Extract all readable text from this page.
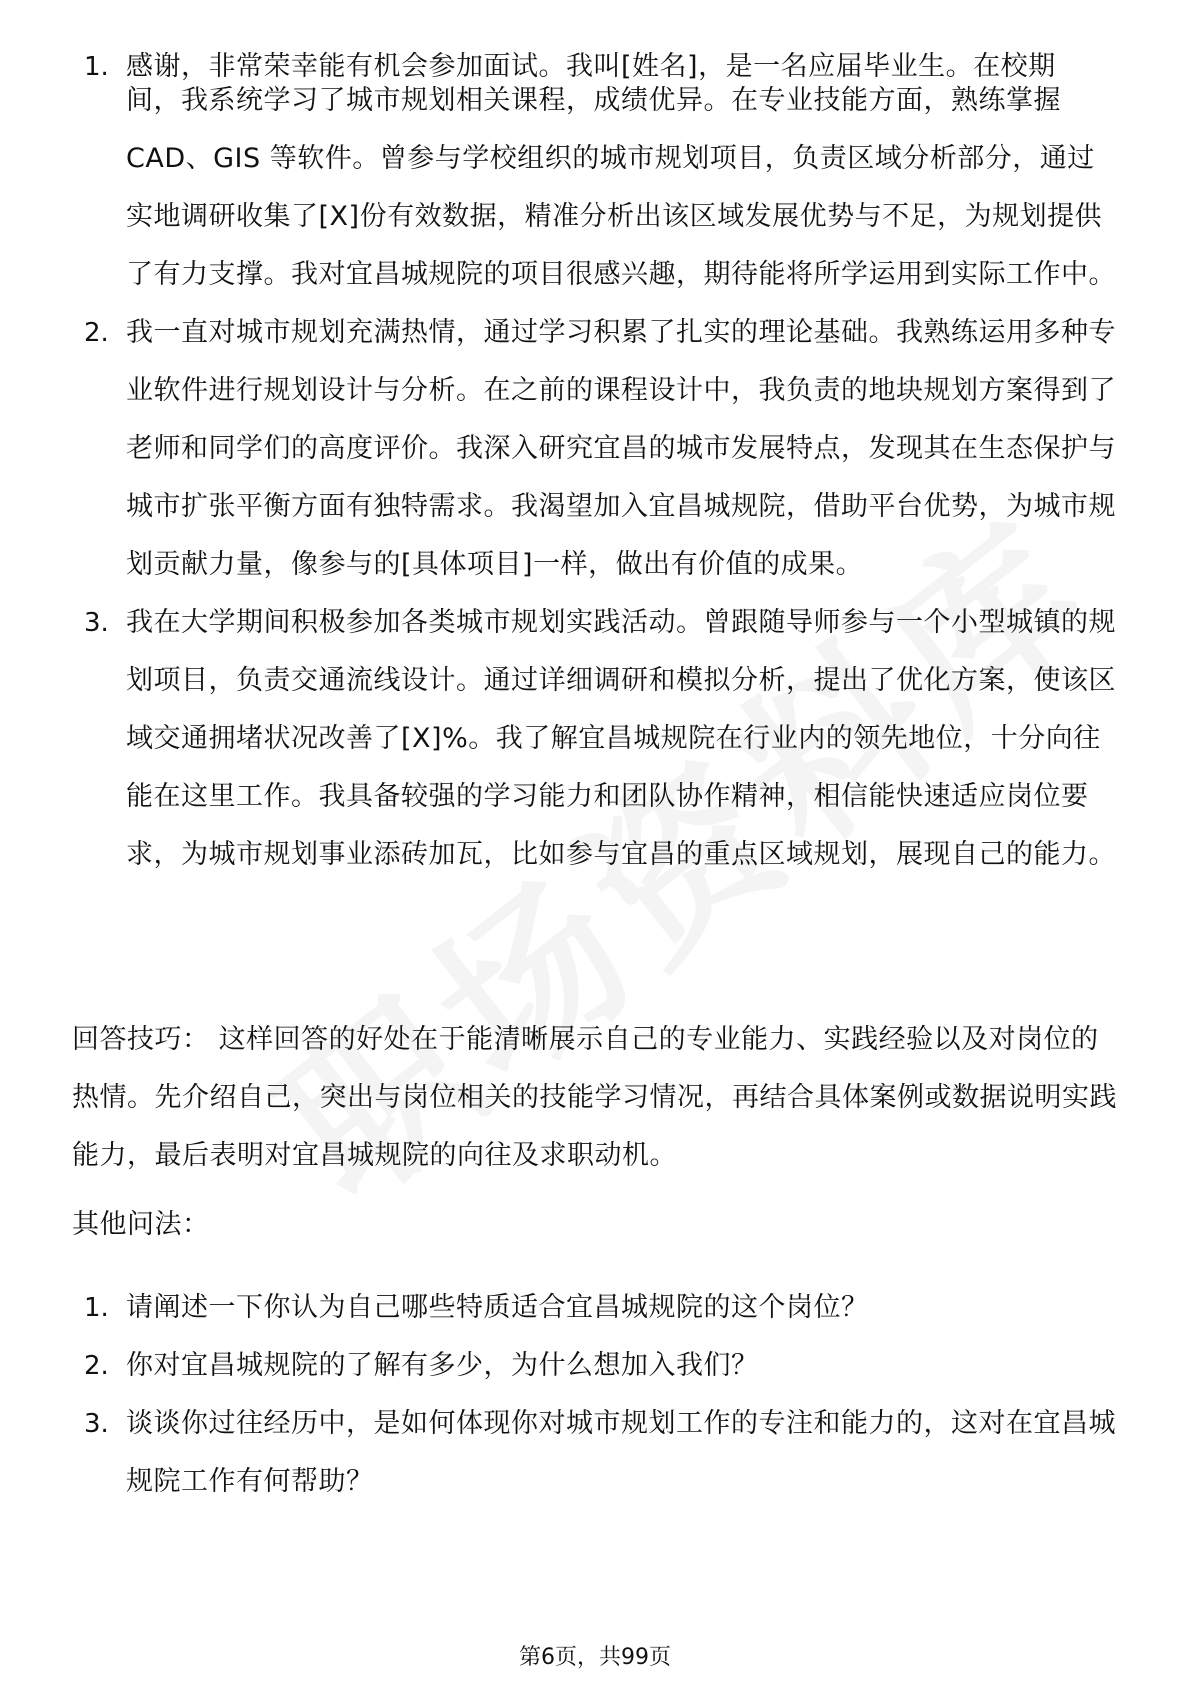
1. 感谢，非常荣幸能有机会参加面试。我叫[姓名]，是一名应届毕业生。在校期
间，我系统学习了城市规划相关课程，成绩优异。在专业技能方面，熟练掌握CAD、GIS 等软件。曾参与学校组织的城市规划项目，负责区域分析部分，通过实地调研收集了[X]份有效数据，精准分析出该区域发展优势与不足，为规划提供了有力支撑。我对宜昌城规院的项目很感兴趣，期待能将所学运用到实际工作中。
2. 我一直对城市规划充满热情，通过学习积累了扎实的理论基础。我熟练运用多种专业软件进行规划设计与分析。在之前的课程设计中，我负责的地块规划方案得到了老师和同学们的高度评价。我深入研究宜昌的城市发展特点，发现其在生态保护与城市扩张平衡方面有独特需求。我渴望加入宜昌城规院，借助平台优势，为城市规划贡献力量，像参与的[具体项目]一样，做出有价值的成果。
3. 我在大学期间积极参加各类城市规划实践活动。曾跟随导师参与一个小型城镇的规划项目，负责交通流线设计。通过详细调研和模拟分析，提出了优化方案，使该区域交通拥堵状况改善了[X]%。我了解宜昌城规院在行业内的领先地位，十分向往能在这里工作。我具备较强的学习能力和团队协作精神，相信能快速适应岗位要求，为城市规划事业添砖加瓦，比如参与宜昌的重点区域规划，展现自己的能力。

回答技巧： 这样回答的好处在于能清晰展示自己的专业能力、实践经验以及对岗位的热情。先介绍自己，突出与岗位相关的技能学习情况，再结合具体案例或数据说明实践能力，最后表明对宜昌城规院的向往及求职动机。

其他问法：

1. 请阐述一下你认为自己哪些特质适合宜昌城规院的这个岗位？
2. 你对宜昌城规院的了解有多少，为什么想加入我们？
3. 谈谈你过往经历中，是如何体现你对城市规划工作的专注和能力的，这对在宜昌城规院工作有何帮助？
第6页，共99页
